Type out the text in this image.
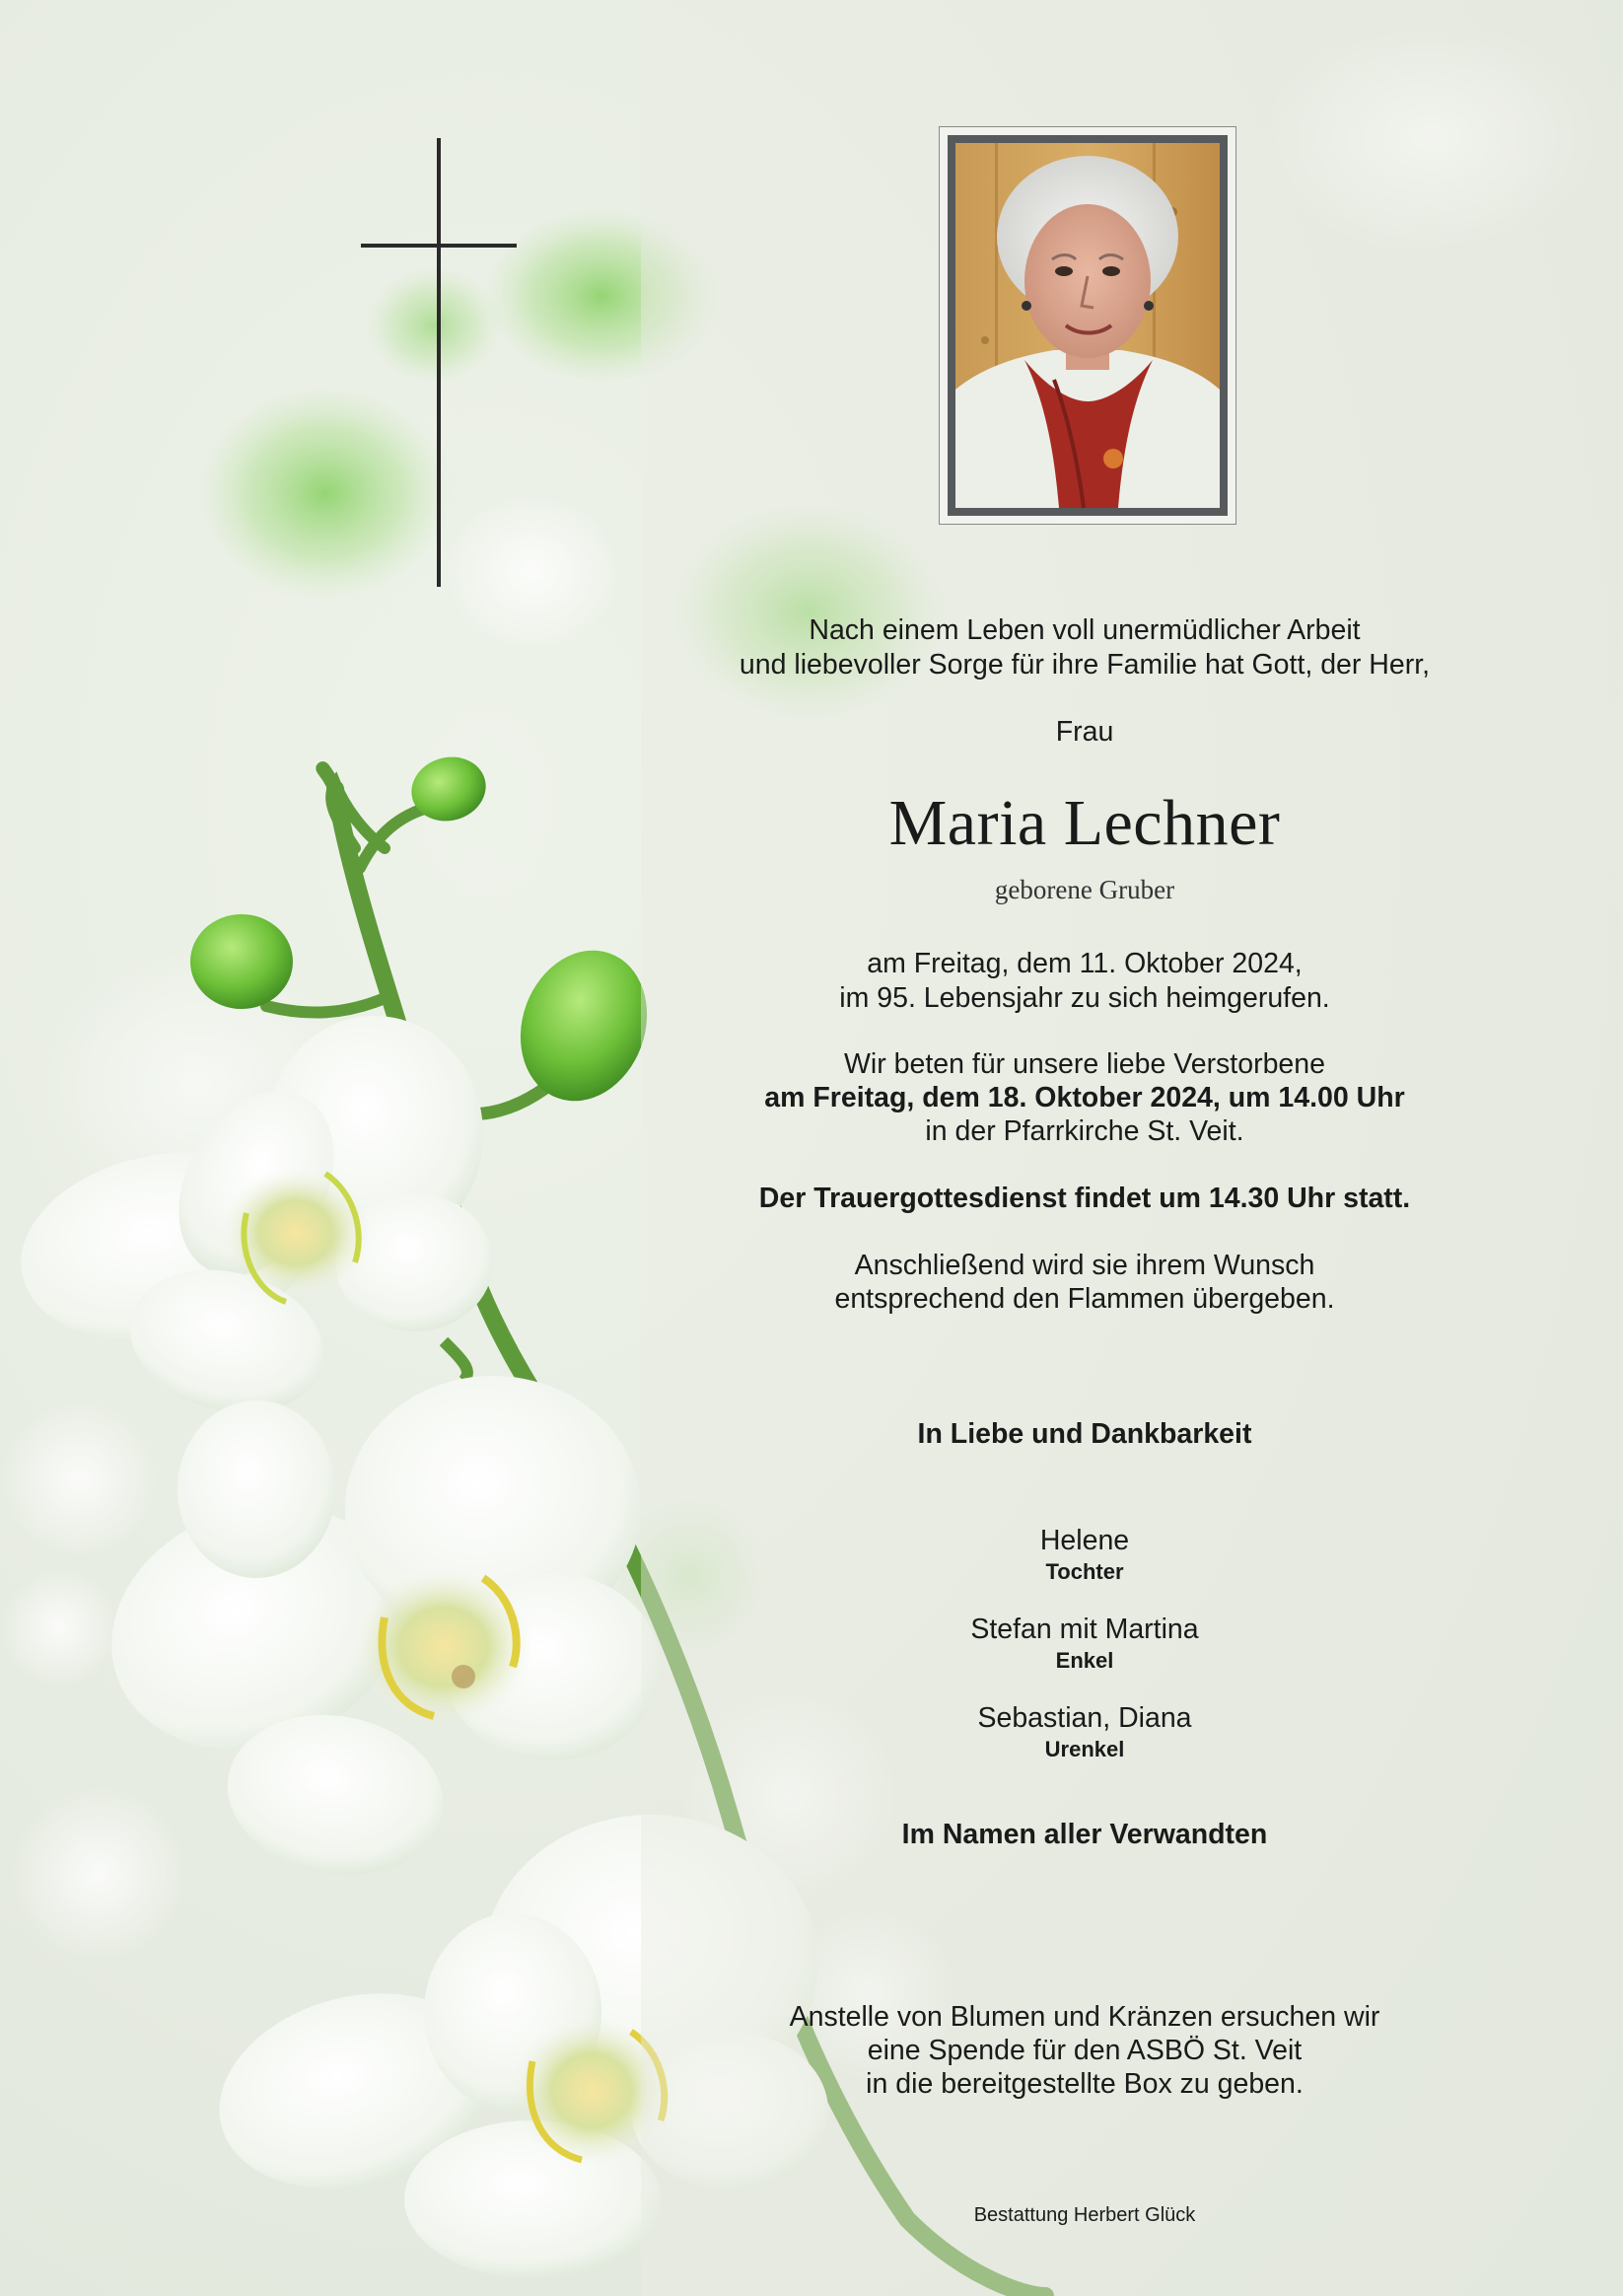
Nach einem Leben voll unermüdlicher Arbeit
und liebevoller Sorge für ihre Familie hat Gott, der Herr,
Frau
Maria Lechner
geborene Gruber
am Freitag, dem 11. Oktober 2024,
im 95. Lebensjahr zu sich heimgerufen.
Wir beten für unsere liebe Verstorbene
am Freitag, dem 18. Oktober 2024, um 14.00 Uhr
in der Pfarrkirche St. Veit.
Der Trauergottesdienst findet um 14.30 Uhr statt.
Anschließend wird sie ihrem Wunsch
entsprechend den Flammen übergeben.
In Liebe und Dankbarkeit
Helene
Tochter
Stefan mit Martina
Enkel
Sebastian, Diana
Urenkel
Im Namen aller Verwandten
Anstelle von Blumen und Kränzen ersuchen wir
eine Spende für den ASBÖ St. Veit
in die bereitgestellte Box zu geben.
Bestattung Herbert Glück
